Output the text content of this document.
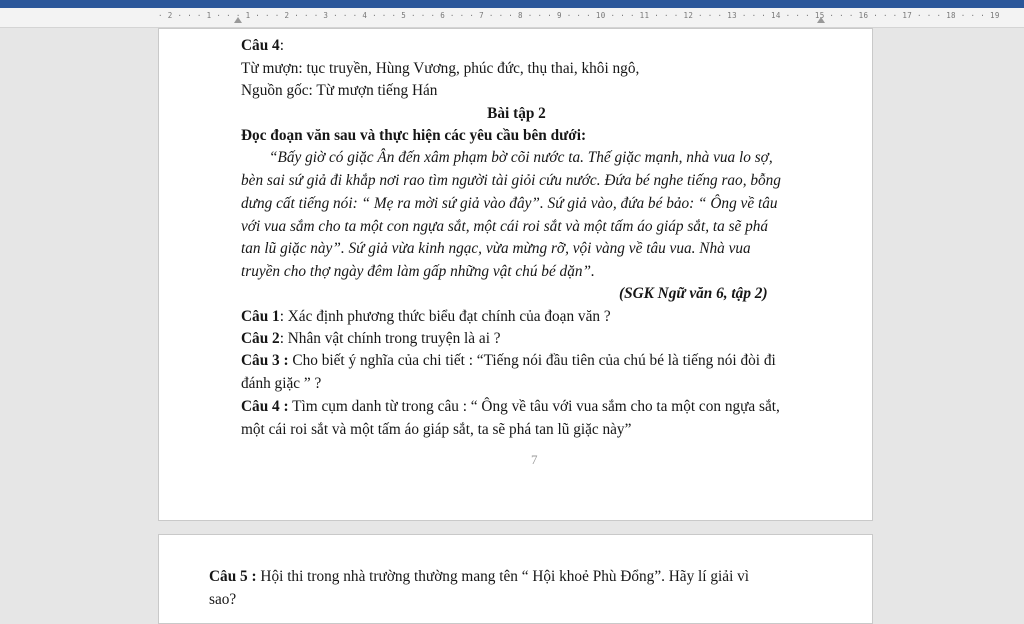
· 2 · · · 1 · · · 1 · · · 2 · · · 3 · · · 4 · · · 5 · · · 6 · · · 7 · · · 8 · · · 9 · · · 10 · · · 11 · · · 12 · · · 13 · · · 14 · · · 15 · · · 16 · · · 17 · · · 18 · · · 19
Câu 4:
Từ mượn: tục truyền, Hùng Vương, phúc đức, thụ thai, khôi ngô,
Nguồn gốc: Từ mượn tiếng Hán
Bài tập 2
Đọc đoạn văn sau và thực hiện các yêu cầu bên dưới:
“Bấy giờ có giặc Ân đến xâm phạm bờ cõi nước ta. Thế giặc mạnh, nhà vua lo sợ,
bèn sai sứ giả đi khắp nơi rao tìm người tài giỏi cứu nước. Đứa bé nghe tiếng rao, bỗng
dưng cất tiếng nói: “ Mẹ ra mời sứ giả vào đây”. Sứ giả vào, đứa bé bảo: “ Ông về tâu
với vua sắm cho ta một con ngựa sắt, một cái roi sắt và một tấm áo giáp sắt, ta sẽ phá
tan lũ giặc này”. Sứ giả vừa kinh ngạc, vừa mừng rỡ, vội vàng về tâu vua. Nhà vua
truyền cho thợ ngày đêm làm gấp những vật chú bé dặn”.
(SGK Ngữ văn 6, tập 2)
Câu 1: Xác định phương thức biểu đạt chính của đoạn văn ?
Câu 2: Nhân vật chính trong truyện là ai ?
Câu 3 : Cho biết ý nghĩa của chi tiết : “Tiếng nói đầu tiên của chú bé là tiếng nói đòi đi
đánh giặc ” ?
Câu 4 : Tìm cụm danh từ trong câu : “ Ông về tâu với vua sắm cho ta một con ngựa sắt,
một cái roi sắt và một tấm áo giáp sắt, ta sẽ phá tan lũ giặc này”
7
Câu 5 : Hội thi trong nhà trường thường mang tên “ Hội khoẻ Phù Đổng”. Hãy lí giải vì
sao?
